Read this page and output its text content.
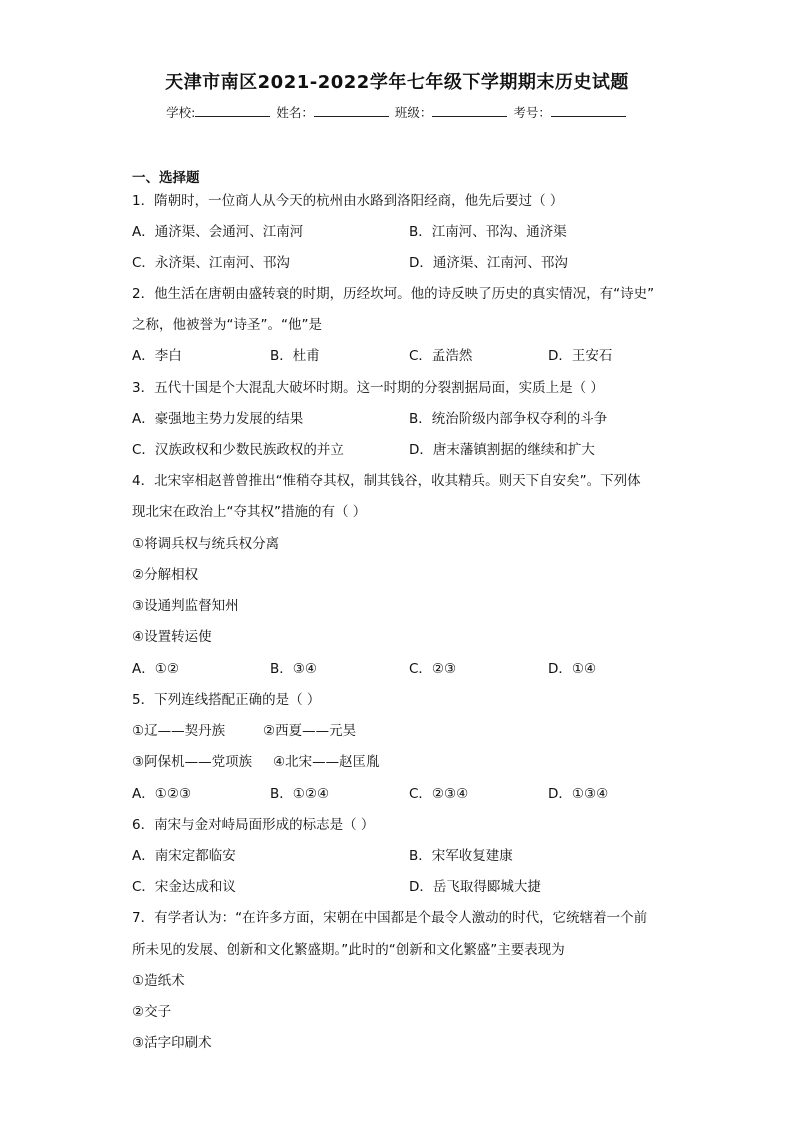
天津市南区2021-2022学年七年级下学期期末历史试题
学校:	姓名：	班级：	考号：
一、选择题
1．隋朝时，一位商人从今天的杭州由水路到洛阳经商，他先后要过（ ）
A．通济渠、会通河、江南河	B．江南河、邗沟、通济渠
C．永济渠、江南河、邗沟	D．通济渠、江南河、邗沟
2．他生活在唐朝由盛转衰的时期，历经坎坷。他的诗反映了历史的真实情况，有“诗史”
之称，他被誉为“诗圣”。“他”是
A．李白	B．杜甫	C．孟浩然	D．王安石
3．五代十国是个大混乱大破坏时期。这一时期的分裂割据局面，实质上是（ ）
A．豪强地主势力发展的结果	B．统治阶级内部争权夺利的斗争
C．汉族政权和少数民族政权的并立	D．唐末藩镇割据的继续和扩大
4．北宋宰相赵普曾推出“惟稍夺其权，制其钱谷，收其精兵。则天下自安矣”。下列体
现北宋在政治上“夺其权”措施的有（ ）
①将调兵权与统兵权分离
②分解相权
③设通判监督知州
④设置转运使
A．①②	B．③④	C．②③	D．①④
5．下列连线搭配正确的是（ ）
①辽——契丹族	②西夏——元昊
③阿保机——党项族 ④北宋——赵匡胤
A．①②③	B．①②④	C．②③④	D．①③④
6．南宋与金对峙局面形成的标志是（ ）
A．南宋定都临安	B．宋军收复建康
C．宋金达成和议	D．岳飞取得郾城大捷
7．有学者认为：“在许多方面，宋朝在中国都是个最令人激动的时代，它统辖着一个前
所未见的发展、创新和文化繁盛期。”此时的“创新和文化繁盛”主要表现为
①造纸术
②交子
③活字印刷术
